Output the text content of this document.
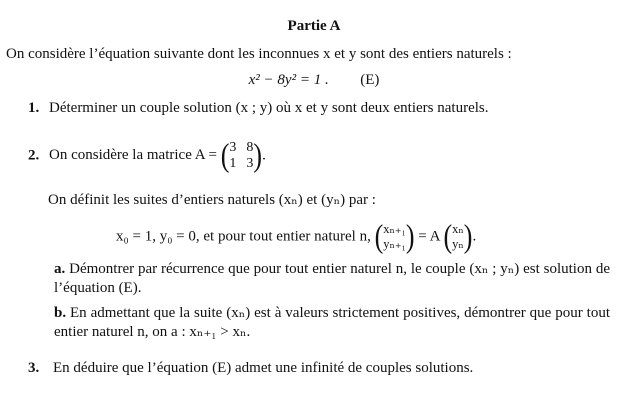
Partie A
On considère l’équation suivante dont les inconnues x et y sont des entiers naturels :
x² − 8y² = 1 . (E)
1. Déterminer un couple solution (x ; y) où x et y sont deux entiers naturels.
2. On considère la matrice A = ( 3 8
1 3 ).
On définit les suites d’entiers naturels (xₙ) et (yₙ) par :
x₀ = 1, y₀ = 0, et pour tout entier naturel n, ( xₙ₊₁
yₙ₊₁ ) = A ( xₙ
yₙ ).
a. Démontrer par récurrence que pour tout entier naturel n, le couple (xₙ ; yₙ) est solution de l’équation (E).
b. En admettant que la suite (xₙ) est à valeurs strictement positives, démontrer que pour tout entier naturel n, on a : xₙ₊₁ > xₙ.
3. En déduire que l’équation (E) admet une infinité de couples solutions.
